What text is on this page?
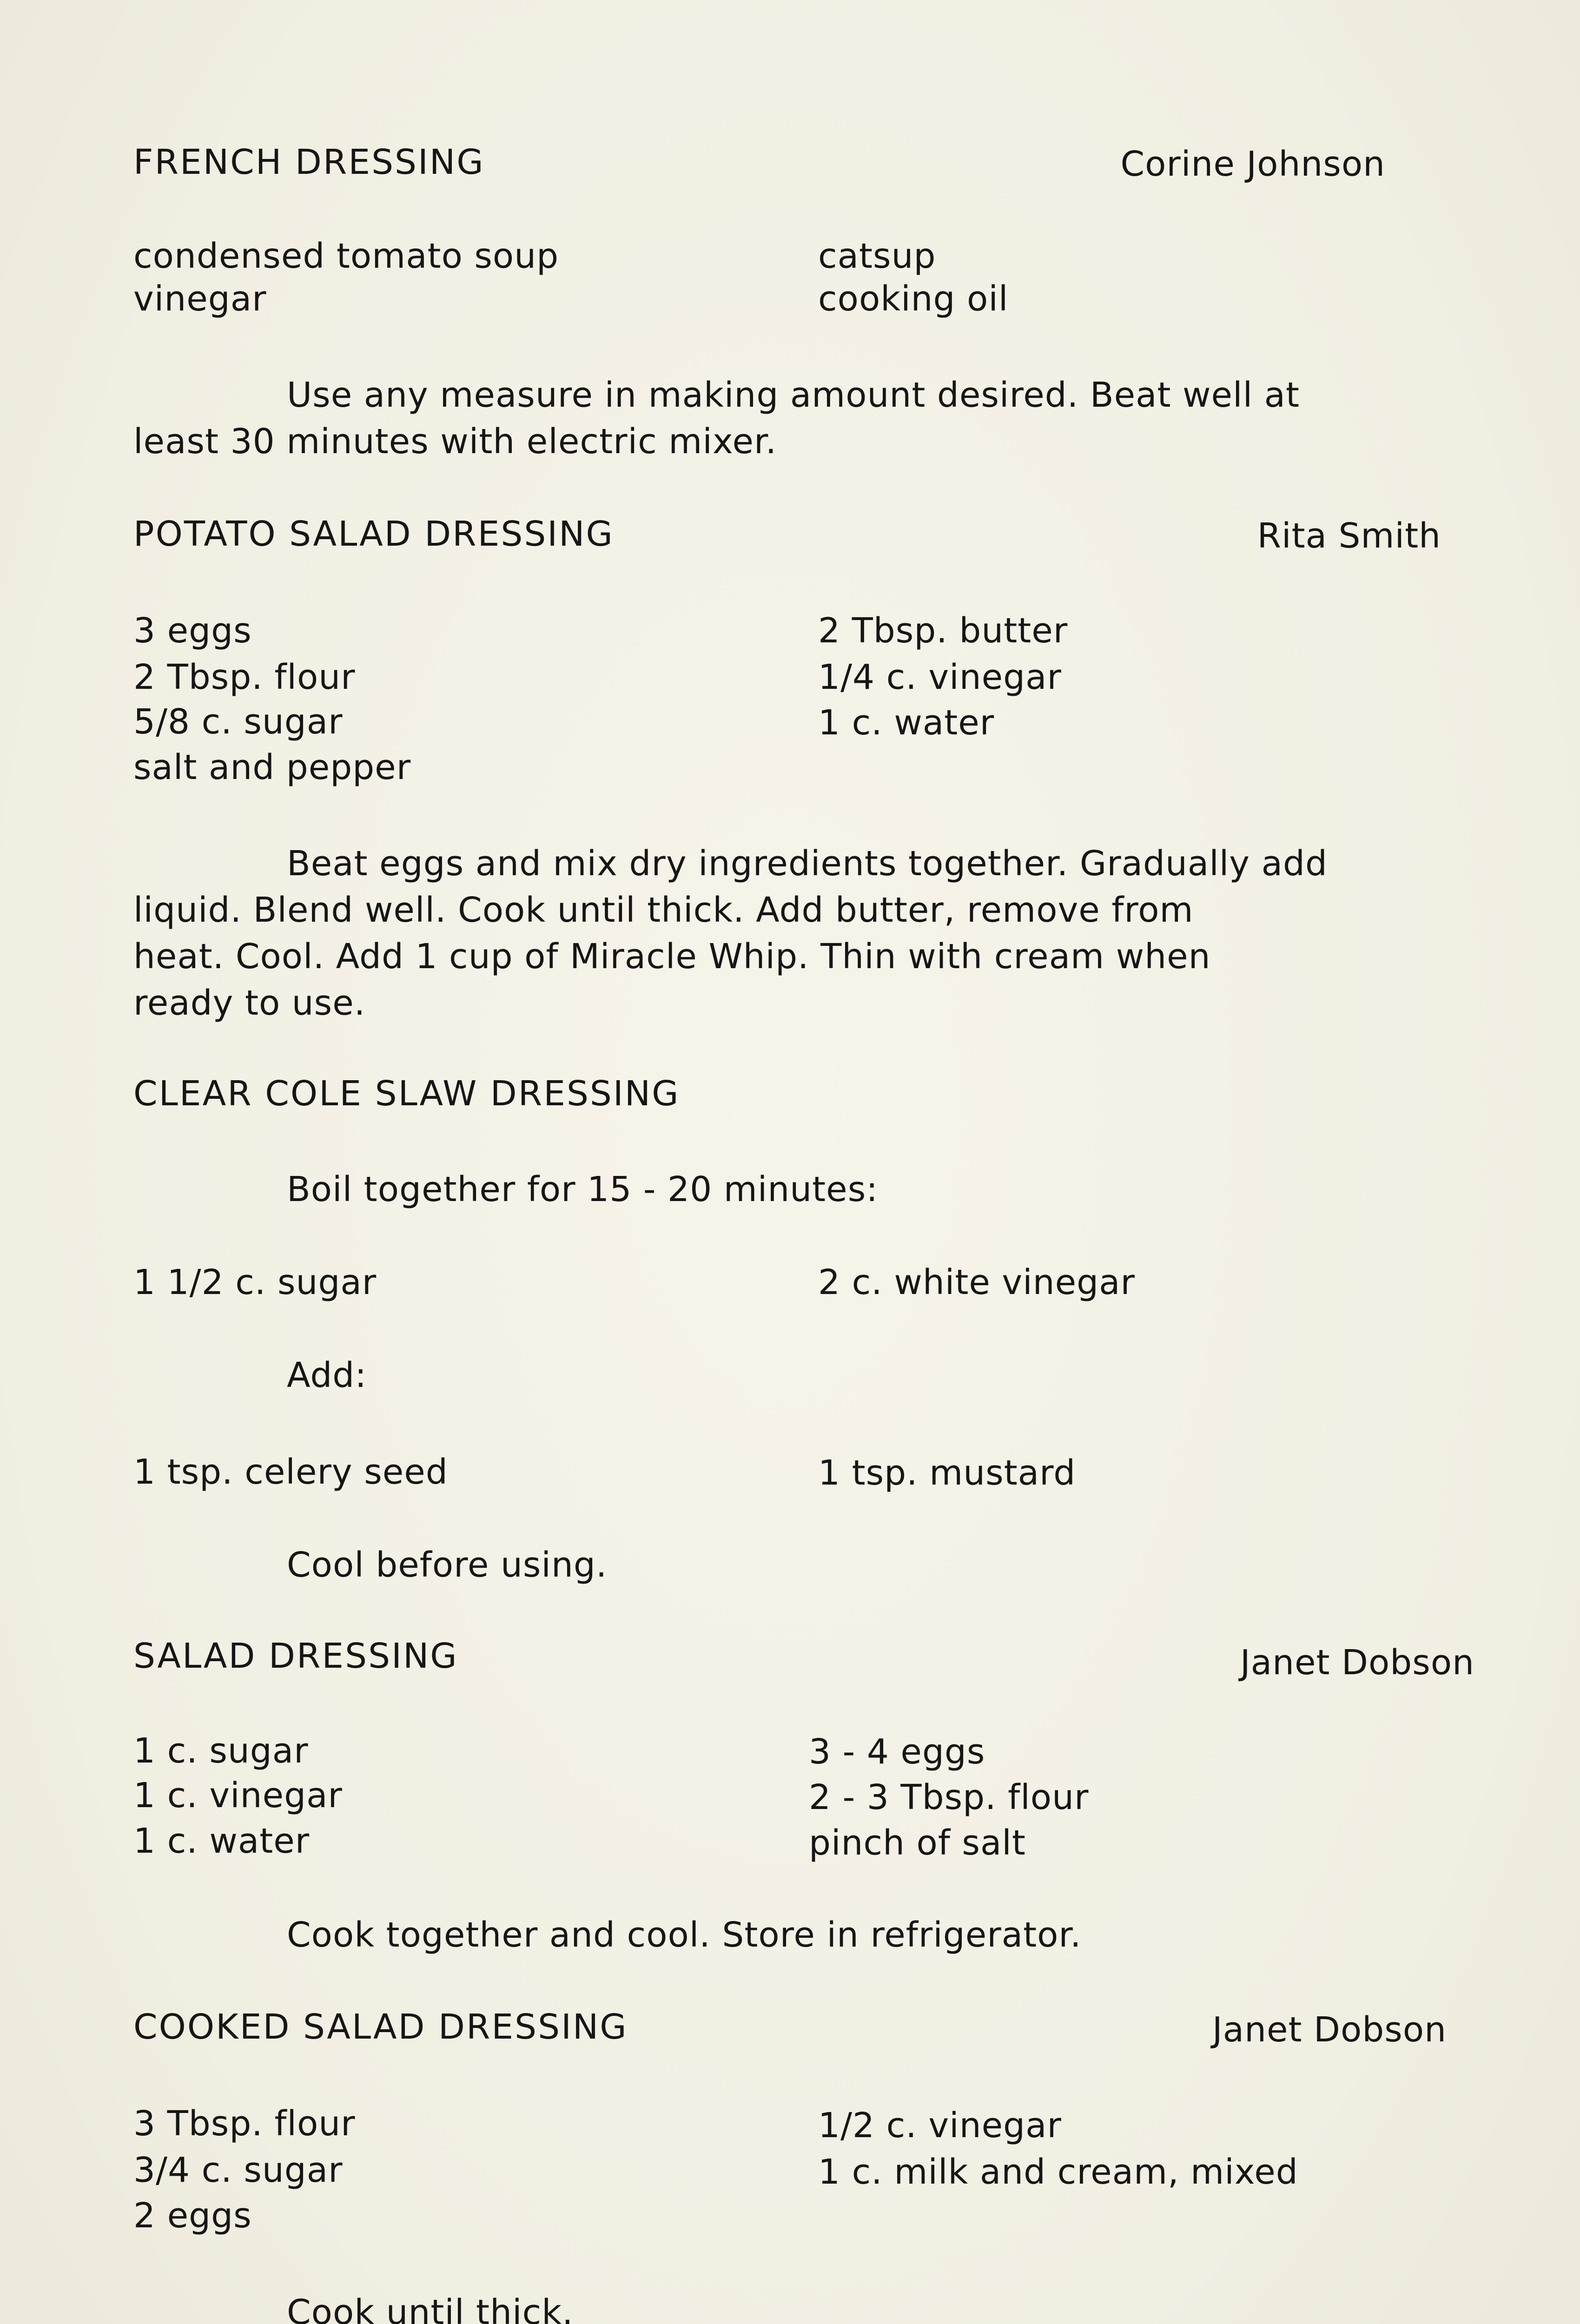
FRENCH DRESSING	Corine Johnson
condensed tomato soup	catsup
vinegar	cooking oil
Use any measure in making amount desired. Beat well at
least 30 minutes with electric mixer.
POTATO SALAD DRESSING	Rita Smith
3 eggs	2 Tbsp. butter
2 Tbsp. flour	1/4 c. vinegar
5/8 c. sugar	1 c. water
salt and pepper
Beat eggs and mix dry ingredients together. Gradually add
liquid. Blend well. Cook until thick. Add butter, remove from
heat. Cool. Add 1 cup of Miracle Whip. Thin with cream when
ready to use.
CLEAR COLE SLAW DRESSING
Boil together for 15 - 20 minutes:
1 1/2 c. sugar	2 c. white vinegar
Add:
1 tsp. celery seed	1 tsp. mustard
Cool before using.
SALAD DRESSING	Janet Dobson
1 c. sugar	3 - 4 eggs
1 c. vinegar	2 - 3 Tbsp. flour
1 c. water	pinch of salt
Cook together and cool. Store in refrigerator.
COOKED SALAD DRESSING	Janet Dobson
3 Tbsp. flour	1/2 c. vinegar
3/4 c. sugar	1 c. milk and cream, mixed
2 eggs
Cook until thick.
